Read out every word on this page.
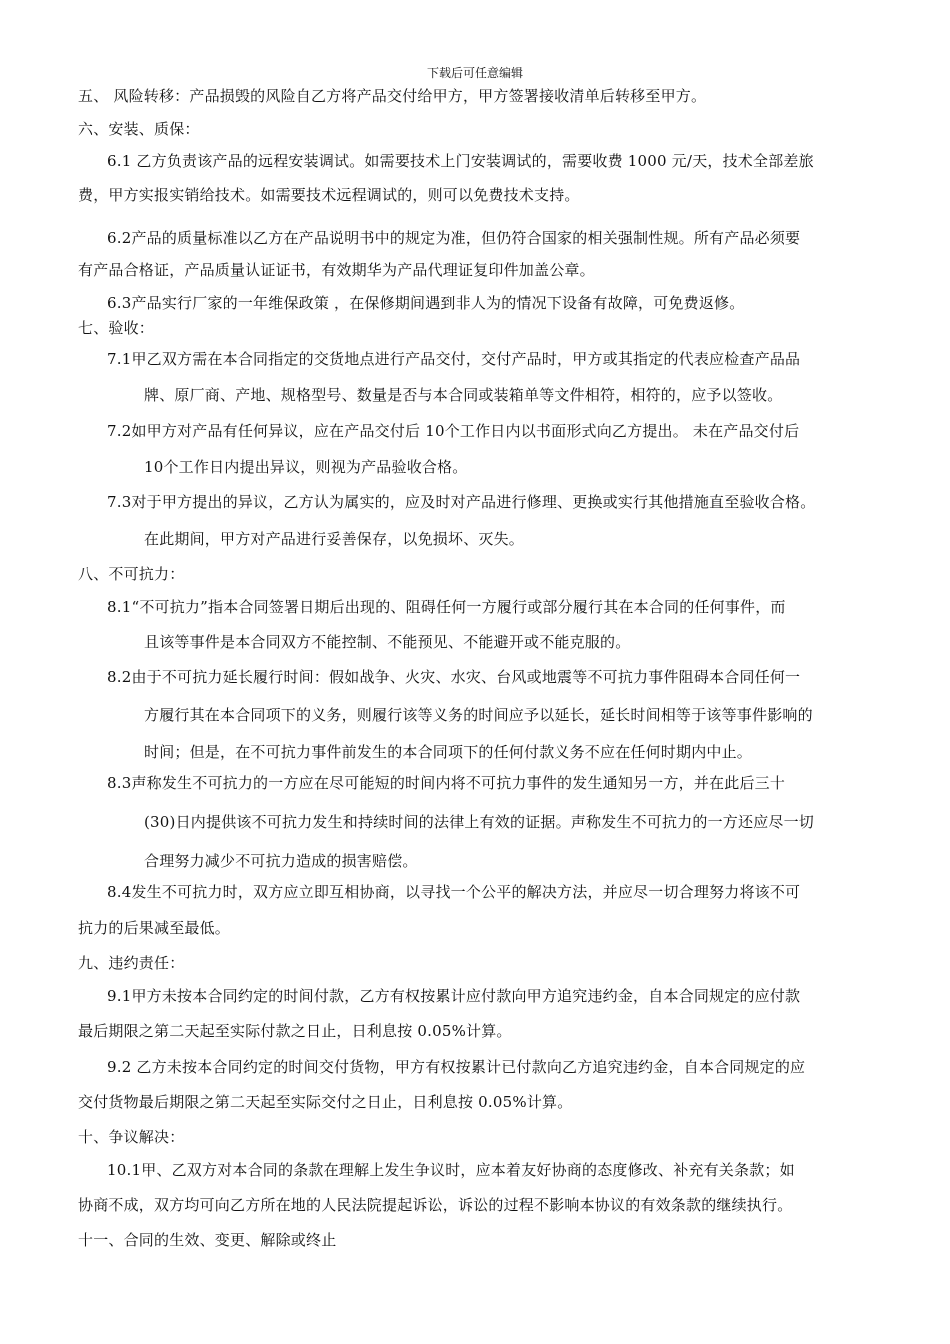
下载后可任意编辑
五、 风险转移：产品损毁的风险自乙方将产品交付给甲方，甲方签署接收清单后转移至甲方。
六、安装、质保：
6.1 乙方负责该产品的远程安装调试。如需要技术上门安装调试的，需要收费 1000 元/天，技术全部差旅
费，甲方实报实销给技术。如需要技术远程调试的，则可以免费技术支持。
6.2产品的质量标准以乙方在产品说明书中的规定为准，但仍符合国家的相关强制性规。所有产品必须要
有产品合格证，产品质量认证证书，有效期华为产品代理证复印件加盖公章。
6.3产品实行厂家的一年维保政策 ，在保修期间遇到非人为的情况下设备有故障，可免费返修。
七、验收：
7.1甲乙双方需在本合同指定的交货地点进行产品交付，交付产品时，甲方或其指定的代表应检查产品品
牌、原厂商、产地、规格型号、数量是否与本合同或装箱单等文件相符，相符的，应予以签收。
7.2如甲方对产品有任何异议，应在产品交付后 10个工作日内以书面形式向乙方提出。 未在产品交付后
10个工作日内提出异议，则视为产品验收合格。
7.3对于甲方提出的异议，乙方认为属实的，应及时对产品进行修理、更换或实行其他措施直至验收合格。
在此期间，甲方对产品进行妥善保存，以免损坏、灭失。
八、不可抗力：
8.1“不可抗力”指本合同签署日期后出现的、阻碍任何一方履行或部分履行其在本合同的任何事件，而
且该等事件是本合同双方不能控制、不能预见、不能避开或不能克服的。
8.2由于不可抗力延长履行时间：假如战争、火灾、水灾、台风或地震等不可抗力事件阻碍本合同任何一
方履行其在本合同项下的义务，则履行该等义务的时间应予以延长，延长时间相等于该等事件影响的
时间；但是，在不可抗力事件前发生的本合同项下的任何付款义务不应在任何时期内中止。
8.3声称发生不可抗力的一方应在尽可能短的时间内将不可抗力事件的发生通知另一方，并在此后三十
(30)日内提供该不可抗力发生和持续时间的法律上有效的证据。声称发生不可抗力的一方还应尽一切
合理努力减少不可抗力造成的损害赔偿。
8.4发生不可抗力时，双方应立即互相协商，以寻找一个公平的解决方法，并应尽一切合理努力将该不可
抗力的后果减至最低。
九、违约责任：
9.1甲方未按本合同约定的时间付款，乙方有权按累计应付款向甲方追究违约金，自本合同规定的应付款
最后期限之第二天起至实际付款之日止，日利息按 0.05%计算。
9.2 乙方未按本合同约定的时间交付货物，甲方有权按累计已付款向乙方追究违约金，自本合同规定的应
交付货物最后期限之第二天起至实际交付之日止，日利息按 0.05%计算。
十、争议解决：
10.1甲、乙双方对本合同的条款在理解上发生争议时，应本着友好协商的态度修改、补充有关条款；如
协商不成，双方均可向乙方所在地的人民法院提起诉讼，诉讼的过程不影响本协议的有效条款的继续执行。
十一、合同的生效、变更、解除或终止
